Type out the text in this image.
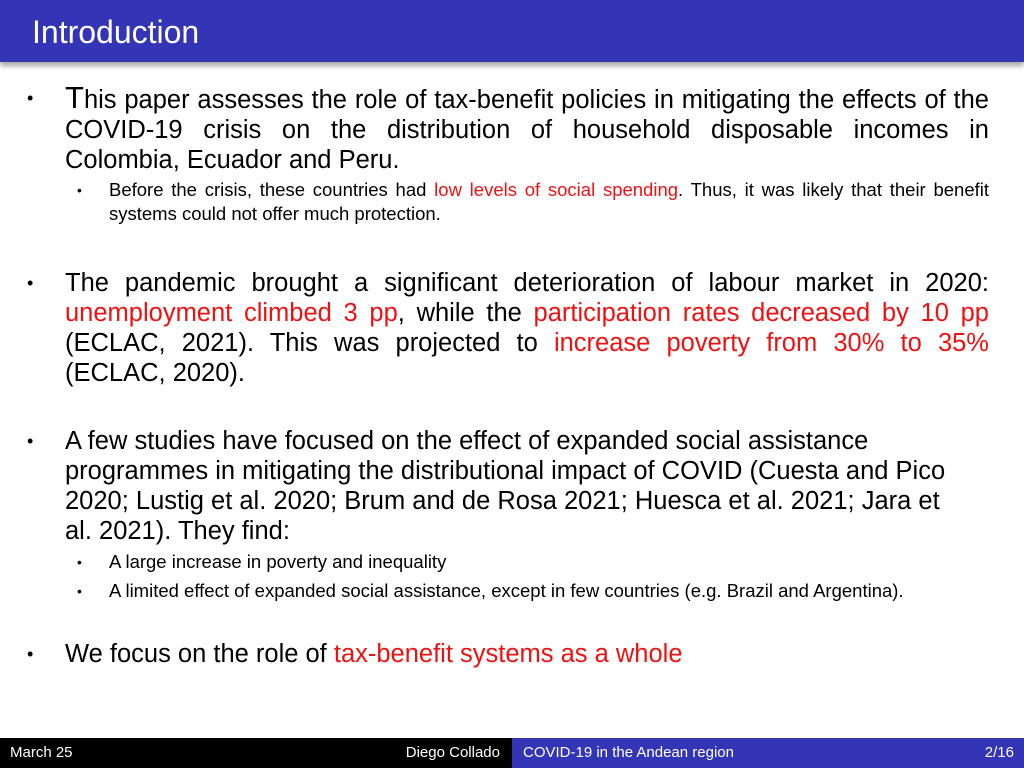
Introduction
• This paper assesses the role of tax-benefit policies in mitigating the effects of the COVID-19 crisis on the distribution of household disposable incomes in Colombia, Ecuador and Peru.
• Before the crisis, these countries had low levels of social spending. Thus, it was likely that their benefit systems could not offer much protection.
• The pandemic brought a significant deterioration of labour market in 2020: unemployment climbed 3 pp, while the participation rates decreased by 10 pp (ECLAC, 2021). This was projected to increase poverty from 30% to 35% (ECLAC, 2020).
• A few studies have focused on the effect of expanded social assistance programmes in mitigating the distributional impact of COVID (Cuesta and Pico 2020; Lustig et al. 2020; Brum and de Rosa 2021; Huesca et al. 2021; Jara et al. 2021). They find:
• A large increase in poverty and inequality
• A limited effect of expanded social assistance, except in few countries (e.g. Brazil and Argentina).
• We focus on the role of tax-benefit systems as a whole
March 25	Diego Collado COVID-19 in the Andean region	2/16
